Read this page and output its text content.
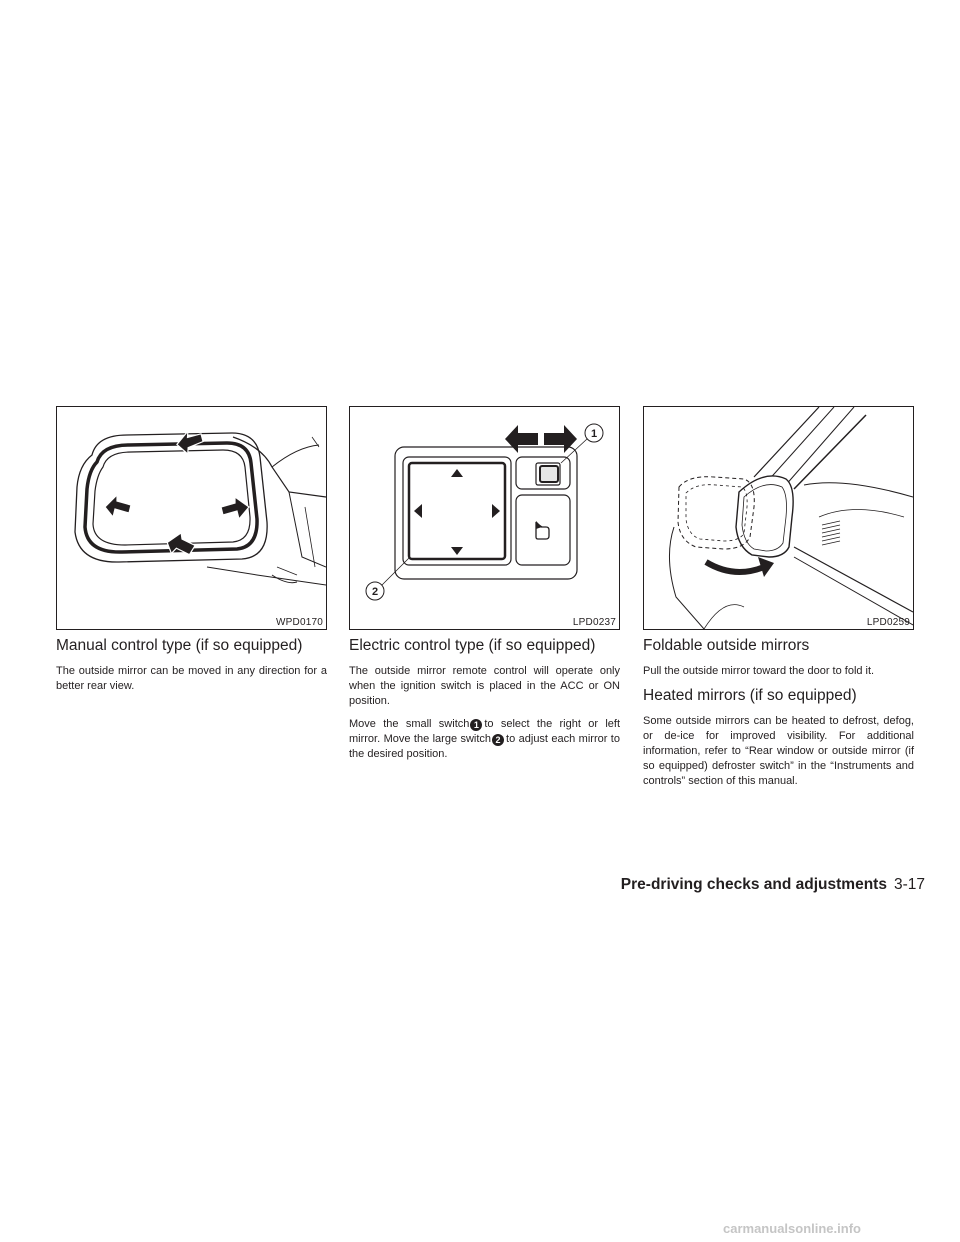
WPD0170
Manual control type (if so equipped)

The outside mirror can be moved in any direction for a better rear view.

1
2
LPD0237
Electric control type (if so equipped)

The outside mirror remote control will operate only when the ignition switch is placed in the ACC or ON position.

Move the small switch 1 to select the right or left mirror. Move the large switch 2 to adjust each mirror to the desired position.

LPD0259
Foldable outside mirrors

Pull the outside mirror toward the door to fold it.

Heated mirrors (if so equipped)

Some outside mirrors can be heated to defrost, defog, or de-ice for improved visibility. For additional information, refer to “Rear window or outside mirror (if so equipped) defroster switch” in the “Instruments and controls” section of this manual.

Pre-driving checks and adjustments 3-17
carmanualsonline.info
